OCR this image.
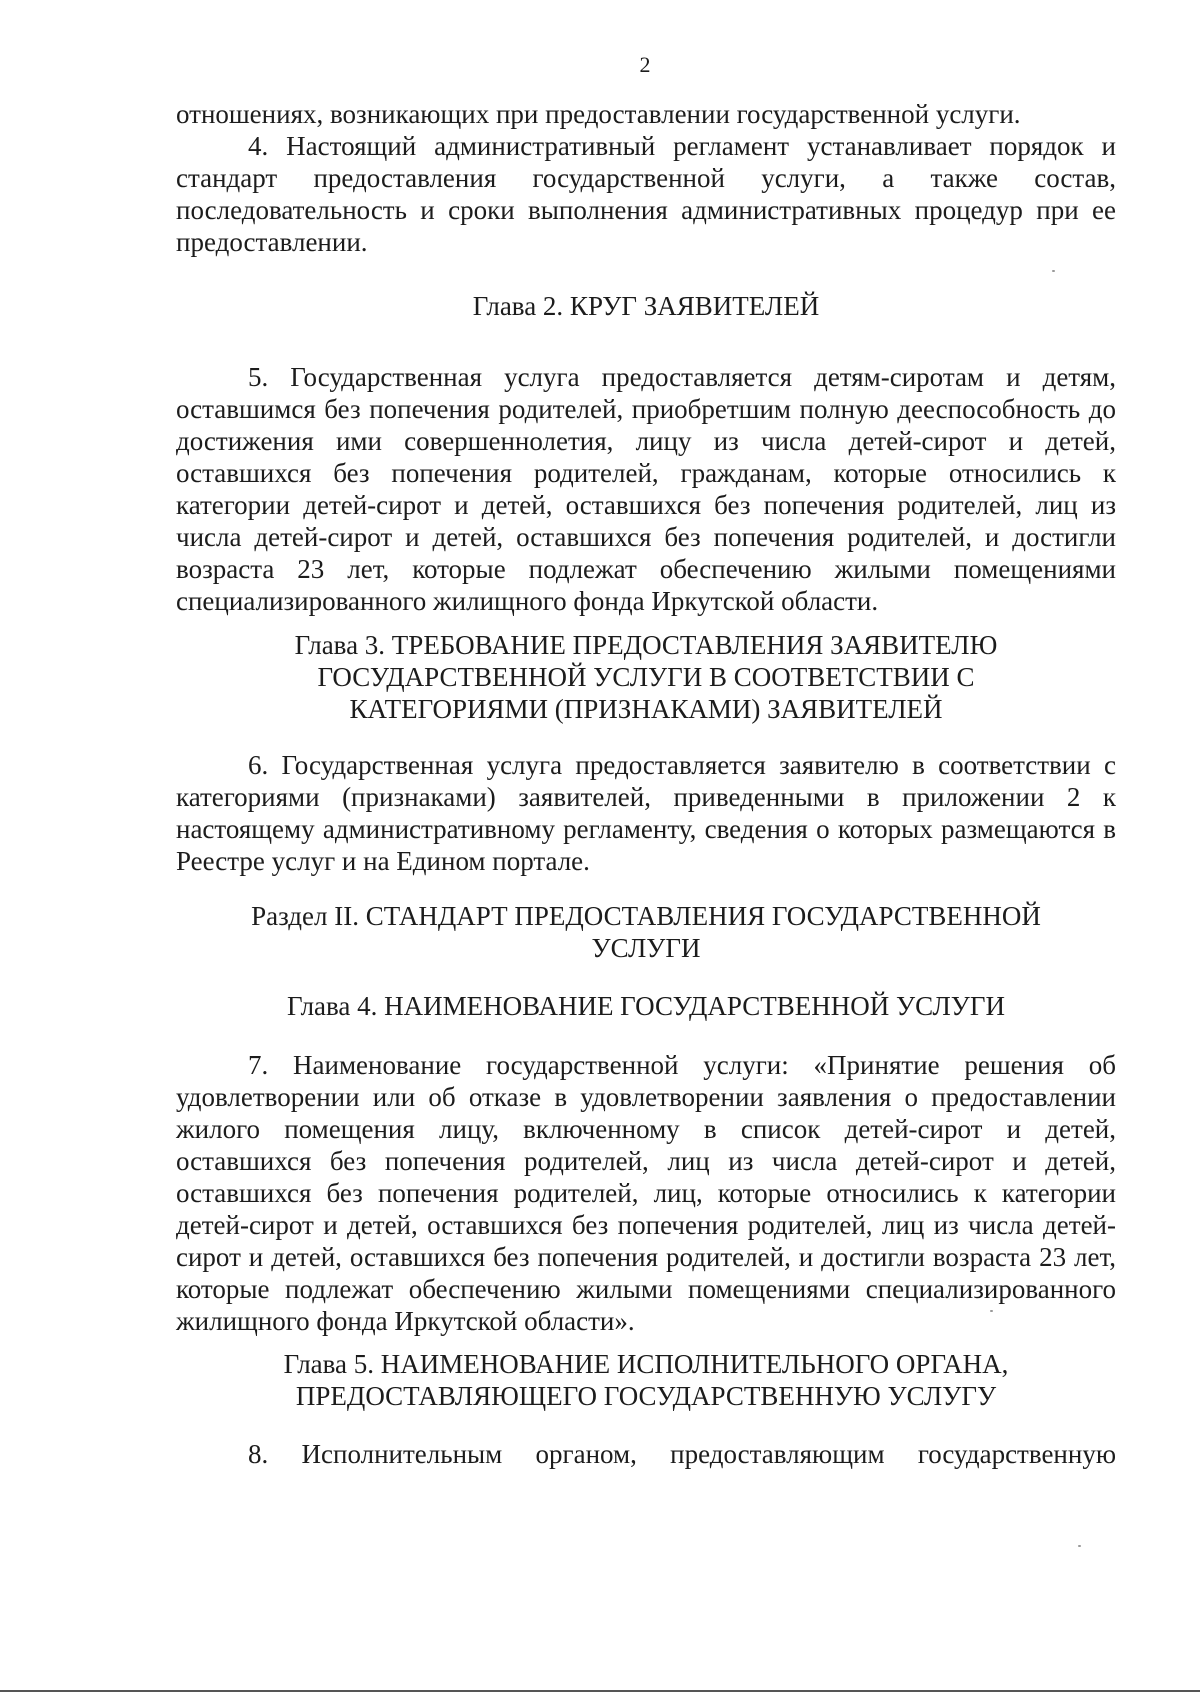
2

отношениях, возникающих при предоставлении государственной услуги.

4. Настоящий административный регламент устанавливает порядок и стандарт предоставления государственной услуги, а также состав, последовательность и сроки выполнения административных процедур при ее предоставлении.

Глава 2. КРУГ ЗАЯВИТЕЛЕЙ

5. Государственная услуга предоставляется детям-сиротам и детям, оставшимся без попечения родителей, приобретшим полную дееспособность до достижения ими совершеннолетия, лицу из числа детей-сирот и детей, оставшихся без попечения родителей, гражданам, которые относились к категории детей-сирот и детей, оставшихся без попечения родителей, лиц из числа детей-сирот и детей, оставшихся без попечения родителей, и достигли возраста 23 лет, которые подлежат обеспечению жилыми помещениями специализированного жилищного фонда Иркутской области.

Глава 3. ТРЕБОВАНИЕ ПРЕДОСТАВЛЕНИЯ ЗАЯВИТЕЛЮ
ГОСУДАРСТВЕННОЙ УСЛУГИ В СООТВЕТСТВИИ С
КАТЕГОРИЯМИ (ПРИЗНАКАМИ) ЗАЯВИТЕЛЕЙ

6. Государственная услуга предоставляется заявителю в соответствии с категориями (признаками) заявителей, приведенными в приложении 2 к настоящему административному регламенту, сведения о которых размещаются в Реестре услуг и на Едином портале.

Раздел II. СТАНДАРТ ПРЕДОСТАВЛЕНИЯ ГОСУДАРСТВЕННОЙ
УСЛУГИ

Глава 4. НАИМЕНОВАНИЕ ГОСУДАРСТВЕННОЙ УСЛУГИ

7. Наименование государственной услуги: «Принятие решения об удовлетворении или об отказе в удовлетворении заявления о предоставлении жилого помещения лицу, включенному в список детей-сирот и детей, оставшихся без попечения родителей, лиц из числа детей-сирот и детей, оставшихся без попечения родителей, лиц, которые относились к категории детей-сирот и детей, оставшихся без попечения родителей, лиц из числа детей-сирот и детей, оставшихся без попечения родителей, и достигли возраста 23 лет, которые подлежат обеспечению жилыми помещениями специализированного жилищного фонда Иркутской области».

Глава 5. НАИМЕНОВАНИЕ ИСПОЛНИТЕЛЬНОГО ОРГАНА,
ПРЕДОСТАВЛЯЮЩЕГО ГОСУДАРСТВЕННУЮ УСЛУГУ

8. Исполнительным органом, предоставляющим государственную
